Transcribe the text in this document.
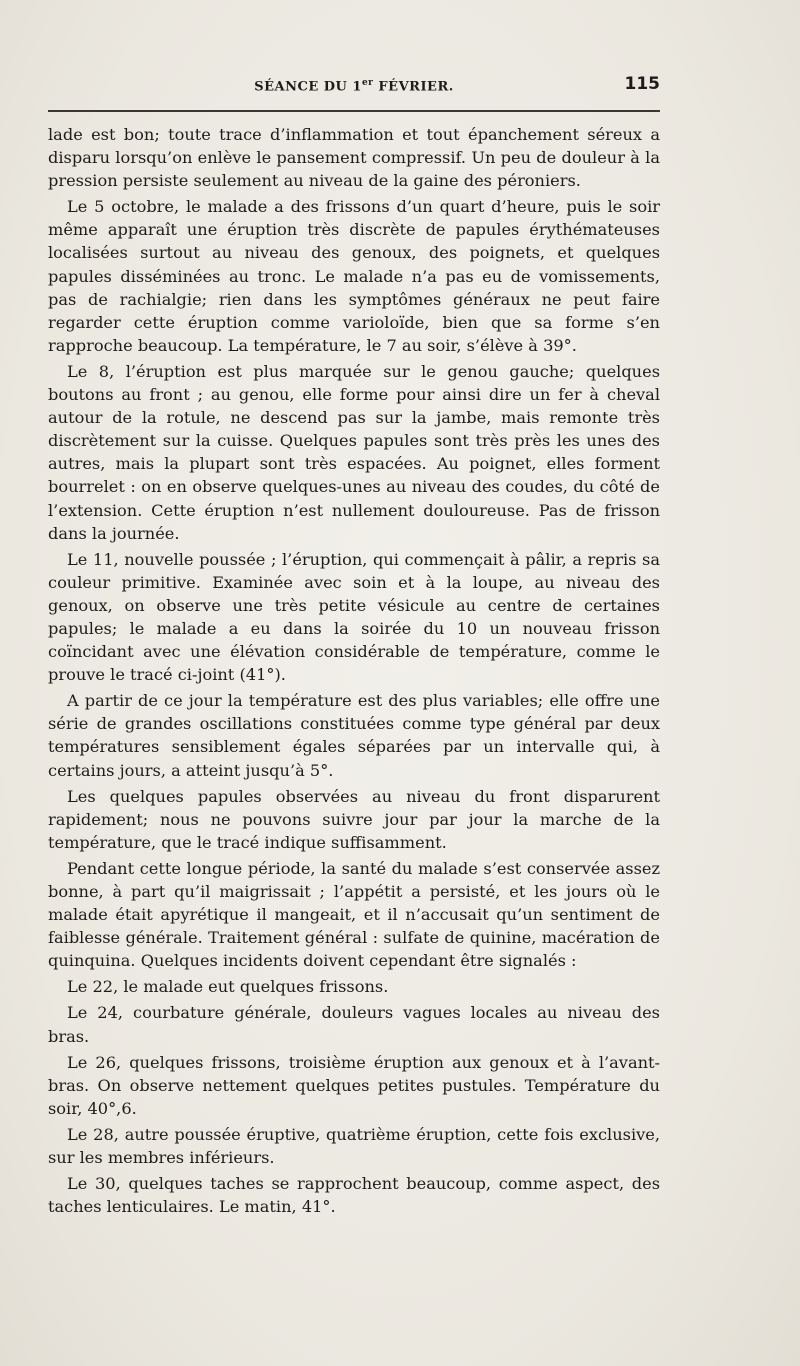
SÉANCE DU 1er FÉVRIER.	115

lade est bon; toute trace d’inflammation et tout épanchement séreux a disparu lorsqu’on enlève le pansement compressif. Un peu de douleur à la pression persiste seulement au niveau de la gaine des péroniers.

Le 5 octobre, le malade a des frissons d’un quart d’heure, puis le soir même apparaît une éruption très discrète de papules érythémateuses localisées surtout au niveau des genoux, des poignets, et quelques papules disséminées au tronc. Le malade n’a pas eu de vomissements, pas de rachialgie; rien dans les symptômes généraux ne peut faire regarder cette éruption comme varioloïde, bien que sa forme s’en rapproche beaucoup. La température, le 7 au soir, s’élève à 39°.

Le 8, l’éruption est plus marquée sur le genou gauche; quelques boutons au front ; au genou, elle forme pour ainsi dire un fer à cheval autour de la rotule, ne descend pas sur la jambe, mais remonte très discrètement sur la cuisse. Quelques papules sont très près les unes des autres, mais la plupart sont très espacées. Au poignet, elles forment bourrelet : on en observe quelques-unes au niveau des coudes, du côté de l’extension. Cette éruption n’est nullement douloureuse. Pas de frisson dans la journée.

Le 11, nouvelle poussée ; l’éruption, qui commençait à pâlir, a repris sa couleur primitive. Examinée avec soin et à la loupe, au niveau des genoux, on observe une très petite vésicule au centre de certaines papules; le malade a eu dans la soirée du 10 un nouveau frisson coïncidant avec une élévation considérable de température, comme le prouve le tracé ci-joint (41°).

A partir de ce jour la température est des plus variables; elle offre une série de grandes oscillations constituées comme type général par deux températures sensiblement égales séparées par un intervalle qui, à certains jours, a atteint jusqu’à 5°.

Les quelques papules observées au niveau du front disparurent rapidement; nous ne pouvons suivre jour par jour la marche de la température, que le tracé indique suffisamment.

Pendant cette longue période, la santé du malade s’est conservée assez bonne, à part qu’il maigrissait ; l’appétit a persisté, et les jours où le malade était apyrétique il mangeait, et il n’accusait qu’un sentiment de faiblesse générale. Traitement général : sulfate de quinine, macération de quinquina. Quelques incidents doivent cependant être signalés :

Le 22, le malade eut quelques frissons.

Le 24, courbature générale, douleurs vagues locales au niveau des bras.

Le 26, quelques frissons, troisième éruption aux genoux et à l’avant-bras. On observe nettement quelques petites pustules. Température du soir, 40°,6.

Le 28, autre poussée éruptive, quatrième éruption, cette fois exclusive, sur les membres inférieurs.

Le 30, quelques taches se rapprochent beaucoup, comme aspect, des taches lenticulaires. Le matin, 41°.
